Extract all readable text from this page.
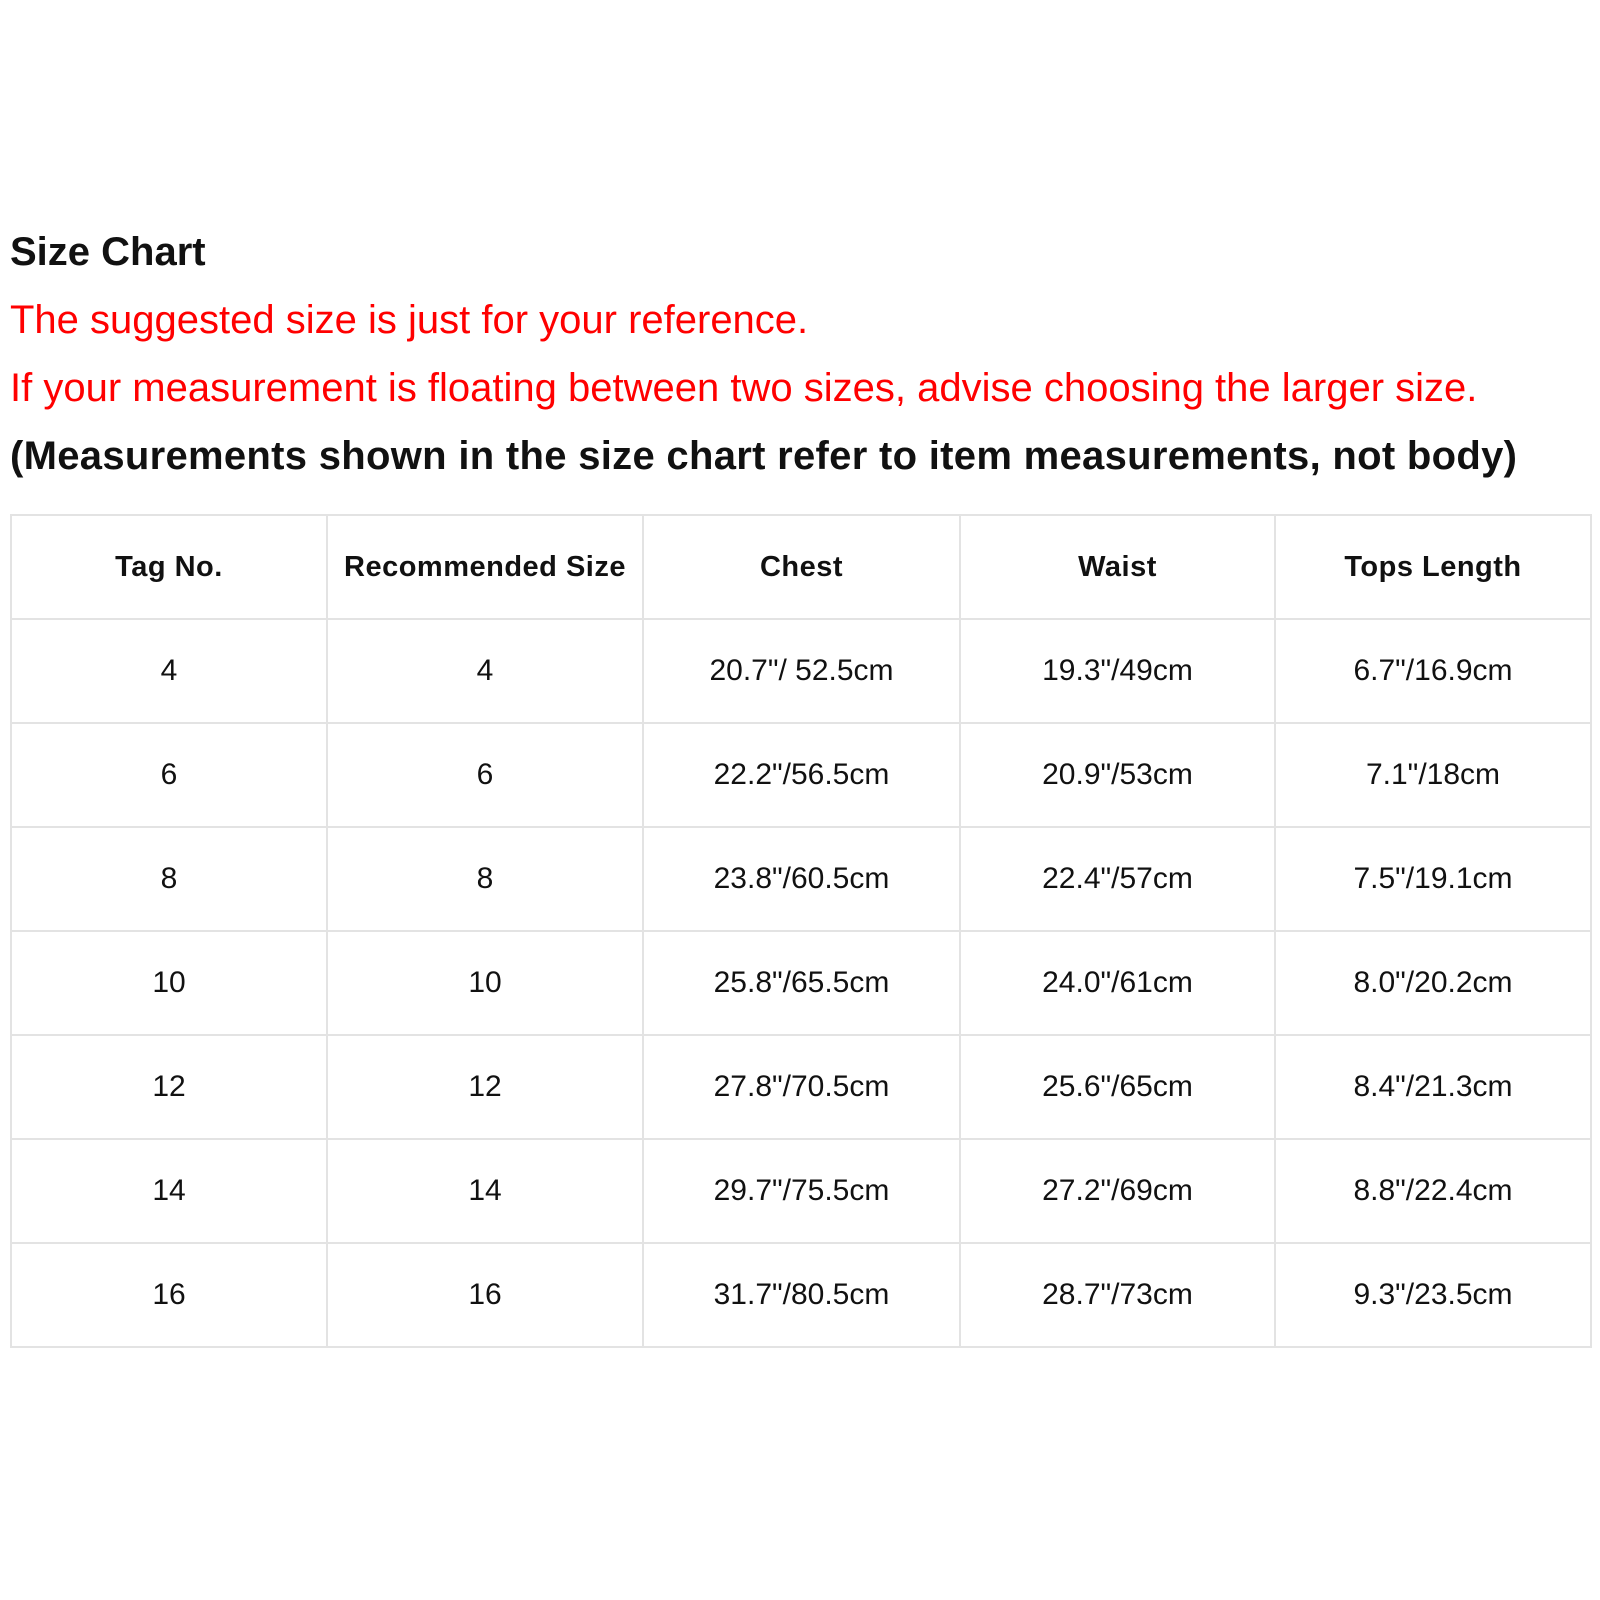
Size Chart
The suggested size is just for your reference.
If your measurement is floating between two sizes, advise choosing the larger size.
(Measurements shown in the size chart refer to item measurements, not body)
Tag No.	Recommended Size	Chest	Waist	Tops Length
4	4	20.7"/ 52.5cm	19.3"/49cm	6.7"/16.9cm
6	6	22.2"/56.5cm	20.9"/53cm	7.1"/18cm
8	8	23.8"/60.5cm	22.4"/57cm	7.5"/19.1cm
10	10	25.8"/65.5cm	24.0"/61cm	8.0"/20.2cm
12	12	27.8"/70.5cm	25.6"/65cm	8.4"/21.3cm
14	14	29.7"/75.5cm	27.2"/69cm	8.8"/22.4cm
16	16	31.7"/80.5cm	28.7"/73cm	9.3"/23.5cm
